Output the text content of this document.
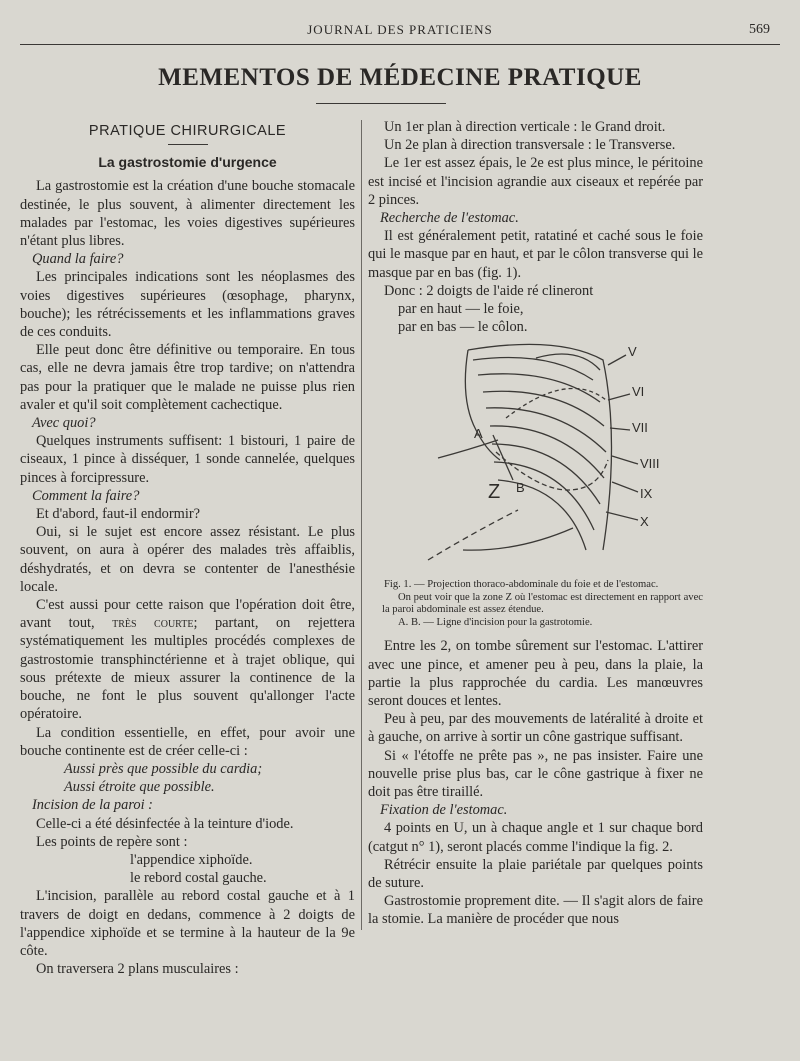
JOURNAL DES PRATICIENS	569
MEMENTOS DE MÉDECINE PRATIQUE
PRATIQUE CHIRURGICALE
La gastrostomie d'urgence

La gastrostomie est la création d'une bouche stomacale destinée, le plus souvent, à alimenter directement les malades par l'estomac, les voies digestives supérieures n'étant plus libres.

Quand la faire?

Les principales indications sont les néoplasmes des voies digestives supérieures (œsophage, pharynx, bouche); les rétrécissements et les inflammations graves de ces conduits.

Elle peut donc être définitive ou temporaire. En tous cas, elle ne devra jamais être trop tardive; on n'attendra pas pour la pratiquer que le malade ne puisse plus rien avaler et qu'il soit complètement cachectique.

Avec quoi?

Quelques instruments suffisent: 1 bistouri, 1 paire de ciseaux, 1 pince à disséquer, 1 sonde cannelée, quelques pinces à forcipressure.

Comment la faire?

Et d'abord, faut-il endormir?

Oui, si le sujet est encore assez résistant. Le plus souvent, on aura à opérer des malades très affaiblis, déshydratés, et on devra se contenter de l'anesthésie locale.

C'est aussi pour cette raison que l'opération doit être, avant tout, très courte; partant, on rejettera systématiquement les multiples procédés complexes de gastrostomie transphinctérienne et à trajet oblique, qui sous prétexte de mieux assurer la continence de la bouche, ne font le plus souvent qu'allonger l'acte opératoire.

La condition essentielle, en effet, pour avoir une bouche continente est de créer celle-ci :

Aussi près que possible du cardia;

Aussi étroite que possible.

Incision de la paroi :

Celle-ci a été désinfectée à la teinture d'iode.

Les points de repère sont :

l'appendice xiphoïde.

le rebord costal gauche.

L'incision, parallèle au rebord costal gauche et à 1 travers de doigt en dedans, commence à 2 doigts de l'appendice xiphoïde et se termine à la hauteur de la 9e côte.

On traversera 2 plans musculaires :

Un 1er plan à direction verticale : le Grand droit.

Un 2e plan à direction transversale : le Transverse.

Le 1er est assez épais, le 2e est plus mince, le péritoine est incisé et l'incision agrandie aux ciseaux et repérée par 2 pinces.

Recherche de l'estomac.

Il est généralement petit, ratatiné et caché sous le foie qui le masque par en haut, et par le côlon transverse qui le masque par en bas (fig. 1).

Donc : 2 doigts de l'aide ré clineront

par en haut — le foie,

par en bas — le côlon.

V
VI
VII
VIII
IX
X
A
B
Z

Fig. 1. — Projection thoraco-abdominale du foie et de l'estomac.
On peut voir que la zone Z où l'estomac est directement en rapport avec la paroi abdominale est assez étendue.
A. B. — Ligne d'incision pour la gastrotomie.

Entre les 2, on tombe sûrement sur l'estomac. L'attirer avec une pince, et amener peu à peu, dans la plaie, la partie la plus rapprochée du cardia. Les manœuvres seront douces et lentes.

Peu à peu, par des mouvements de latéralité à droite et à gauche, on arrive à sortir un cône gastrique suffisant.

Si « l'étoffe ne prête pas », ne pas insister. Faire une nouvelle prise plus bas, car le cône gastrique à fixer ne doit pas être tiraillé.

Fixation de l'estomac.

4 points en U, un à chaque angle et 1 sur chaque bord (catgut n° 1), seront placés comme l'indique la fig. 2.

Rétrécir ensuite la plaie pariétale par quelques points de suture.

Gastrostomie proprement dite. — Il s'agit alors de faire la stomie. La manière de procéder que nous
